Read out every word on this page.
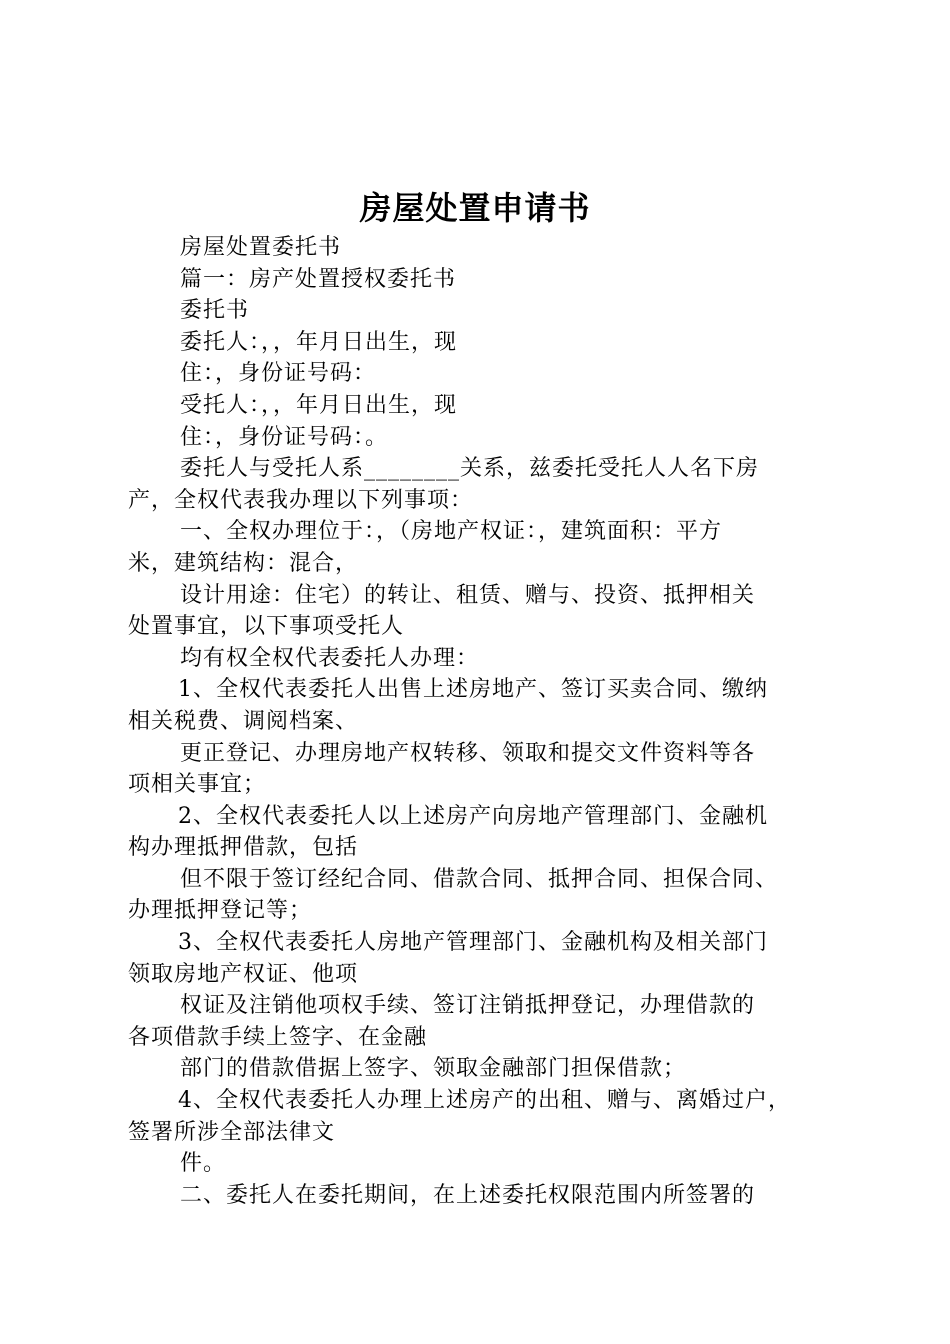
房屋处置申请书
房屋处置委托书
篇一：房产处置授权委托书
委托书
委托人：，，年月日出生，现
住：，身份证号码：
受托人：，，年月日出生，现
住：，身份证号码：。
委托人与受托人系________关系，兹委托受托人人名下房
产，全权代表我办理以下列事项：
一、全权办理位于：，（房地产权证：，建筑面积：平方
米，建筑结构：混合，
设计用途：住宅）的转让、租赁、赠与、投资、抵押相关
处置事宜，以下事项受托人
均有权全权代表委托人办理：
1、全权代表委托人出售上述房地产、签订买卖合同、缴纳
相关税费、调阅档案、
更正登记、办理房地产权转移、领取和提交文件资料等各
项相关事宜；
2、全权代表委托人以上述房产向房地产管理部门、金融机
构办理抵押借款，包括
但不限于签订经纪合同、借款合同、抵押合同、担保合同、
办理抵押登记等；
3、全权代表委托人房地产管理部门、金融机构及相关部门
领取房地产权证、他项
权证及注销他项权手续、签订注销抵押登记，办理借款的
各项借款手续上签字、在金融
部门的借款借据上签字、领取金融部门担保借款；
4、全权代表委托人办理上述房产的出租、赠与、离婚过户，
签署所涉全部法律文
件。
二、委托人在委托期间，在上述委托权限范围内所签署的
